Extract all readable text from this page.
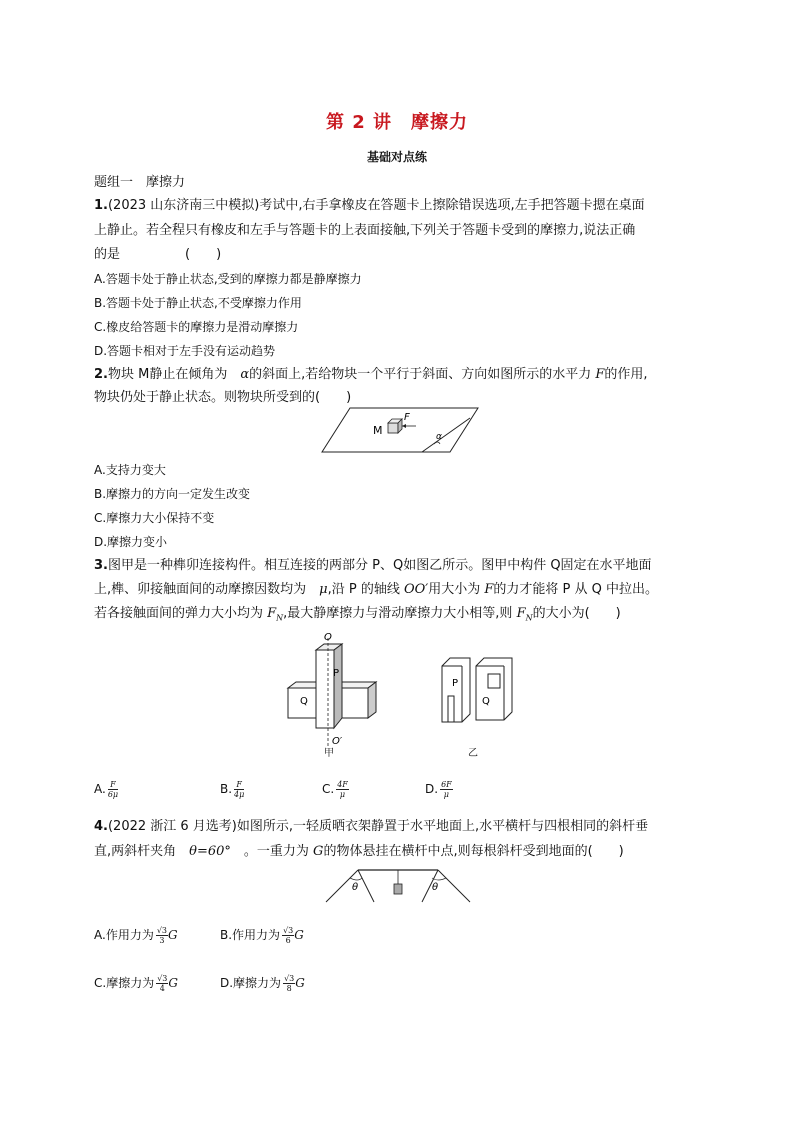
第 2 讲　摩擦力
基础对点练
题组一　摩擦力
1.(2023 山东济南三中模拟)考试中,右手拿橡皮在答题卡上擦除错误选项,左手把答题卡摁在桌面
上静止。若全程只有橡皮和左手与答题卡的上表面接触,下列关于答题卡受到的摩擦力,说法正确
的是　　　　　(　　)
A.答题卡处于静止状态,受到的摩擦力都是静摩擦力
B.答题卡处于静止状态,不受摩擦力作用
C.橡皮给答题卡的摩擦力是滑动摩擦力
D.答题卡相对于左手没有运动趋势
2.物块 M静止在倾角为　α的斜面上,若给物块一个平行于斜面、方向如图所示的水平力 F的作用,
物块仍处于静止状态。则物块所受到的(　　)
M
F
α
A.支持力变大
B.摩擦力的方向一定发生改变
C.摩擦力大小保持不变
D.摩擦力变小
3.图甲是一种榫卯连接构件。相互连接的两部分 P、Q如图乙所示。图甲中构件 Q固定在水平地面
上,榫、卯接触面间的动摩擦因数均为　μ,沿 P 的轴线 OO′用大小为 F的力才能将 P 从 Q 中拉出。
若各接触面间的弹力大小均为 $F_N$,最大静摩擦力与滑动摩擦力大小相等,则 $F_N$的大小为(　　)
O
P
Q
O′
甲
P
Q
乙
A. $\frac{F}{6\mu}$	B. $\frac{F}{4\mu}$	C. $\frac{4F}{\mu}$	D. $\frac{6F}{\mu}$
4.(2022 浙江 6 月选考)如图所示,一轻质晒衣架静置于水平地面上,水平横杆与四根相同的斜杆垂
直,两斜杆夹角　θ=60°　。一重力为 G的物体悬挂在横杆中点,则每根斜杆受到地面的(　　)
θ	θ
A.作用力为 $\frac{√3}{3}$ G	B.作用力为 $\frac{√3}{6}$ G
C.摩擦力为 $\frac{√3}{4}$ G	D.摩擦力为 $\frac{√3}{8}$ G
